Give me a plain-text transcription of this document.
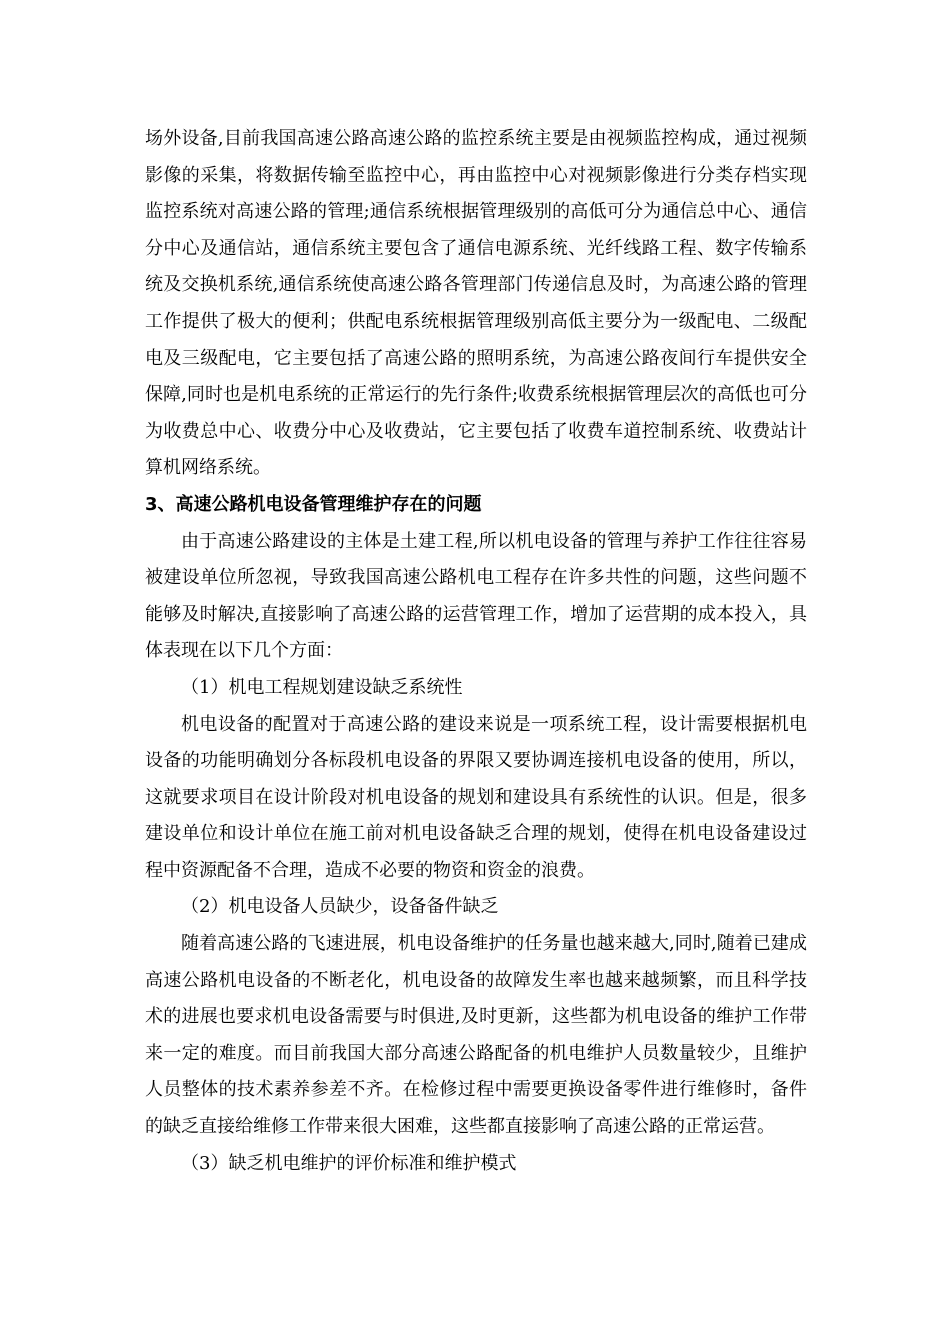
场外设备,目前我国高速公路高速公路的监控系统主要是由视频监控构成，通过视频影像的采集，将数据传输至监控中心，再由监控中心对视频影像进行分类存档实现监控系统对高速公路的管理;通信系统根据管理级别的高低可分为通信总中心、通信分中心及通信站，通信系统主要包含了通信电源系统、光纤线路工程、数字传输系统及交换机系统,通信系统使高速公路各管理部门传递信息及时，为高速公路的管理工作提供了极大的便利；供配电系统根据管理级别高低主要分为一级配电、二级配电及三级配电，它主要包括了高速公路的照明系统，为高速公路夜间行车提供安全保障,同时也是机电系统的正常运行的先行条件;收费系统根据管理层次的高低也可分为收费总中心、收费分中心及收费站，它主要包括了收费车道控制系统、收费站计算机网络系统。

3、高速公路机电设备管理维护存在的问题

由于高速公路建设的主体是土建工程,所以机电设备的管理与养护工作往往容易被建设单位所忽视，导致我国高速公路机电工程存在许多共性的问题，这些问题不能够及时解决,直接影响了高速公路的运营管理工作，增加了运营期的成本投入，具体表现在以下几个方面：

（1）机电工程规划建设缺乏系统性

机电设备的配置对于高速公路的建设来说是一项系统工程，设计需要根据机电设备的功能明确划分各标段机电设备的界限又要协调连接机电设备的使用，所以，这就要求项目在设计阶段对机电设备的规划和建设具有系统性的认识。但是，很多建设单位和设计单位在施工前对机电设备缺乏合理的规划，使得在机电设备建设过程中资源配备不合理，造成不必要的物资和资金的浪费。

（2）机电设备人员缺少，设备备件缺乏

随着高速公路的飞速进展，机电设备维护的任务量也越来越大,同时,随着已建成高速公路机电设备的不断老化，机电设备的故障发生率也越来越频繁，而且科学技术的进展也要求机电设备需要与时俱进,及时更新，这些都为机电设备的维护工作带来一定的难度。而目前我国大部分高速公路配备的机电维护人员数量较少，且维护人员整体的技术素养参差不齐。在检修过程中需要更换设备零件进行维修时，备件的缺乏直接给维修工作带来很大困难，这些都直接影响了高速公路的正常运营。

（3）缺乏机电维护的评价标准和维护模式
